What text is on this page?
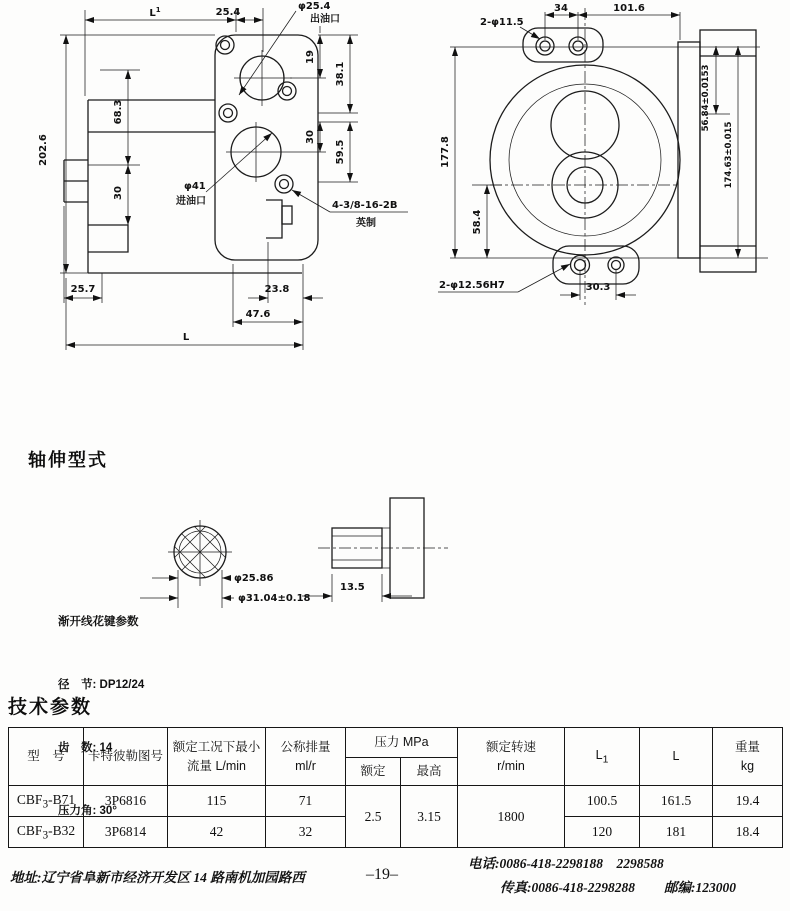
$L^1$	25.4
φ25.4
出油口
19
38.1
30
59.5
68.3
30
202.6
φ41
进油口	4-3/8-16-2B
英制
25.7	23.8
47.6
L
2-φ11.5
34	101.6
177.8
58.4
56.84±0.0153
174.63±0.015
2-φ12.56H7	30.3
轴伸型式
φ25.86
φ31.04±0.18
13.5

渐开线花键参数

径　节: DP12/24

齿　数: 14

压力角: 30°

技术参数
型　号	卡特彼勒图号	
额定工况下最小
流量 L/min

公称排量
ml/r
	压力 MPa	额定转速
r/min
	$L_1$	L	
重量
kg

				额定	最高				
$CBF_3-B71$	3P6816	115	71	2.5	3.15	1800	100.5	161.5	19.4
$CBF_3-B32$	3P6814	42	32				120	181	18.4
地址:辽宁省阜新市经济开发区 14 路南机加园路西	–19–
电话:0086-418-2298188    2298588
传真:0086-418-2298288 邮编:123000
